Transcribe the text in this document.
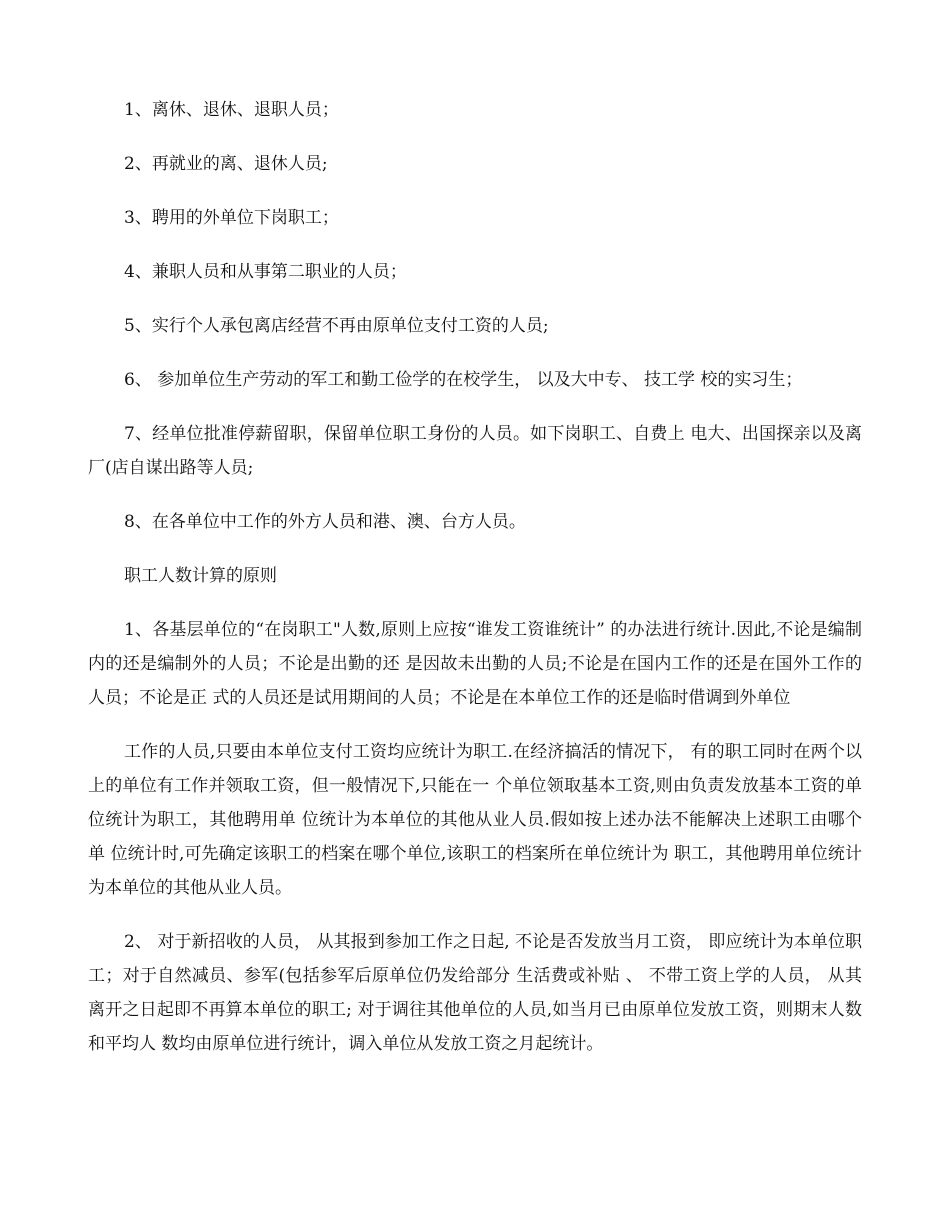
1、离休、退休、退职人员；

2、再就业的离、退休人员;

3、聘用的外单位下岗职工；

4、兼职人员和从事第二职业的人员；

5、实行个人承包离店经营不再由原单位支付工资的人员;

6、 参加单位生产劳动的军工和勤工俭学的在校学生， 以及大中专、 技工学 校的实习生；

7、经单位批准停薪留职，保留单位职工身份的人员。如下岗职工、自费上 电大、出国探亲以及离厂(店自谋出路等人员;

8、在各单位中工作的外方人员和港、澳、台方人员。

职工人数计算的原则

1、各基层单位的“在岗职工"人数,原则上应按“谁发工资谁统计” 的办法进行统计.因此,不论是编制内的还是编制外的人员；不论是出勤的还 是因故未出勤的人员;不论是在国内工作的还是在国外工作的人员；不论是正 式的人员还是试用期间的人员；不论是在本单位工作的还是临时借调到外单位

工作的人员,只要由本单位支付工资均应统计为职工.在经济搞活的情况下， 有的职工同时在两个以上的单位有工作并领取工资，但一般情况下,只能在一 个单位领取基本工资,则由负责发放基本工资的单位统计为职工，其他聘用单 位统计为本单位的其他从业人员.假如按上述办法不能解决上述职工由哪个单 位统计时,可先确定该职工的档案在哪个单位,该职工的档案所在单位统计为 职工，其他聘用单位统计为本单位的其他从业人员。

2、 对于新招收的人员， 从其报到参加工作之日起, 不论是否发放当月工资， 即应统计为本单位职工；对于自然减员、参军(包括参军后原单位仍发给部分 生活费或补贴 、 不带工资上学的人员， 从其离开之日起即不再算本单位的职工; 对于调往其他单位的人员,如当月已由原单位发放工资，则期末人数和平均人 数均由原单位进行统计，调入单位从发放工资之月起统计。
